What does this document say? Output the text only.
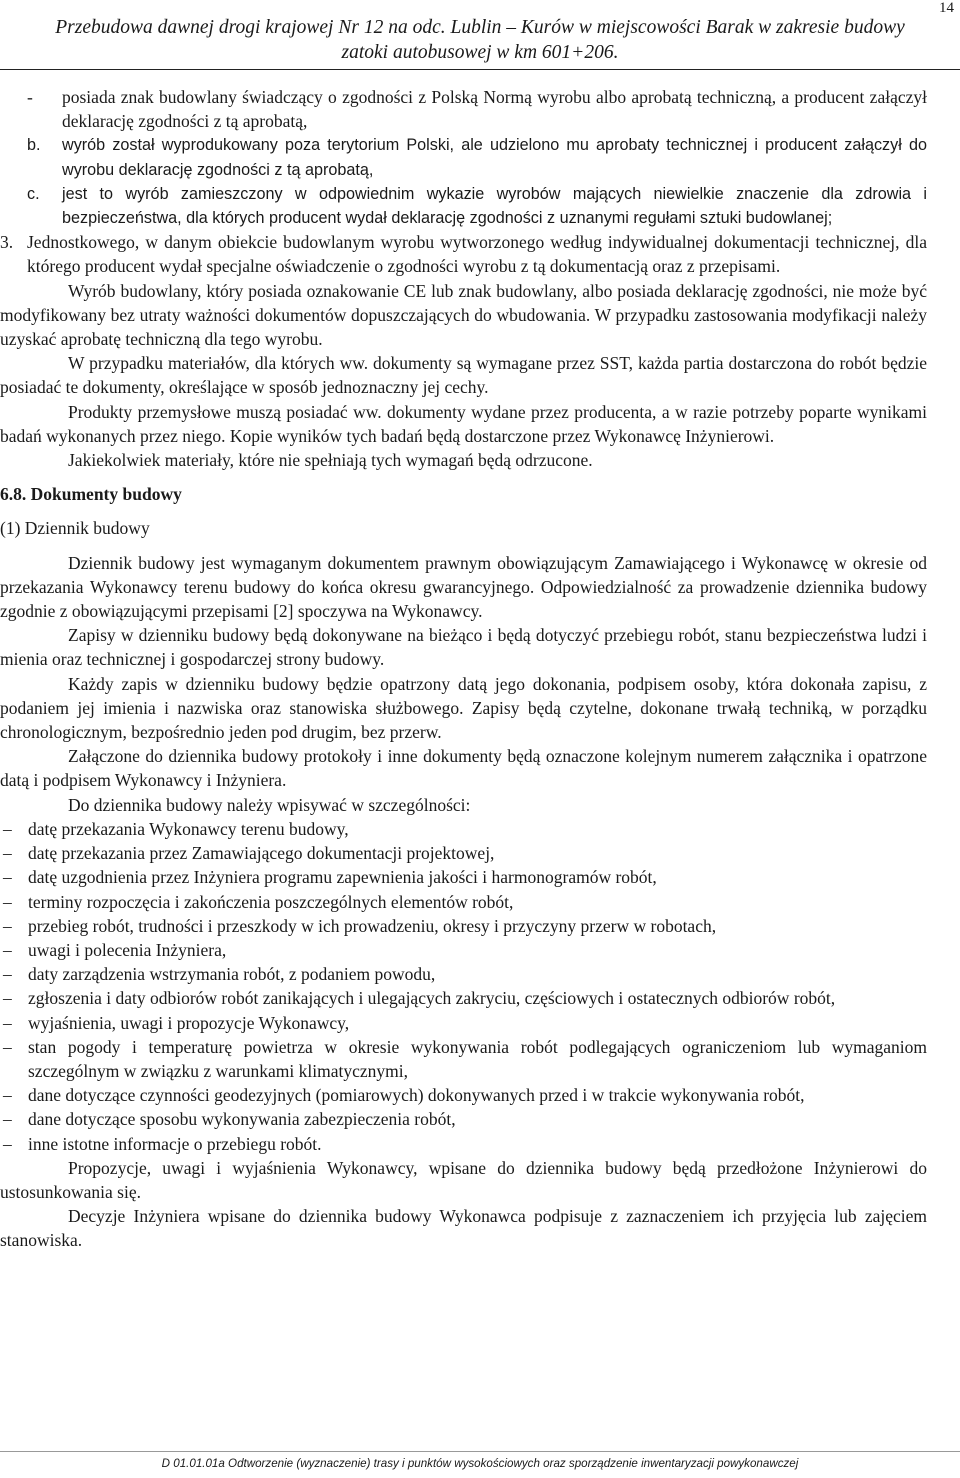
14
Przebudowa dawnej drogi krajowej Nr 12 na odc. Lublin – Kurów w miejscowości Barak w zakresie budowy
zatoki autobusowej w km 601+206.
-	posiada znak budowlany świadczący o zgodności z Polską Normą wyrobu albo aprobatą techniczną, a producent załączył deklarację zgodności z tą aprobatą,
b.	wyrób został wyprodukowany poza terytorium Polski, ale udzielono mu aprobaty technicznej i producent załączył do wyrobu deklarację zgodności z tą aprobatą,
c.	jest to wyrób zamieszczony w odpowiednim wykazie wyrobów mających niewielkie znaczenie dla zdrowia i bezpieczeństwa, dla których producent wydał deklarację zgodności z uznanymi regułami sztuki budowlanej;
3. Jednostkowego, w danym obiekcie budowlanym wyrobu wytworzonego według indywidualnej dokumentacji technicznej, dla którego producent wydał specjalne oświadczenie o zgodności wyrobu z tą dokumentacją oraz z przepisami.

Wyrób budowlany, który posiada oznakowanie CE lub znak budowlany, albo posiada deklarację zgodności, nie może być modyfikowany bez utraty ważności dokumentów dopuszczających do wbudowania. W przypadku zastosowania modyfikacji należy uzyskać aprobatę techniczną dla tego wyrobu.

W przypadku materiałów, dla których ww. dokumenty są wymagane przez SST, każda partia dostarczona do robót będzie posiadać te dokumenty, określające w sposób jednoznaczny jej cechy.

Produkty przemysłowe muszą posiadać ww. dokumenty wydane przez producenta, a w razie potrzeby poparte wynikami badań wykonanych przez niego. Kopie wyników tych badań będą dostarczone przez Wykonawcę Inżynierowi.

Jakiekolwiek materiały, które nie spełniają tych wymagań będą odrzucone.

6.8. Dokumenty budowy

(1) Dziennik budowy

Dziennik budowy jest wymaganym dokumentem prawnym obowiązującym Zamawiającego i Wykonawcę w okresie od przekazania Wykonawcy terenu budowy do końca okresu gwarancyjnego. Odpowiedzialność za prowadzenie dziennika budowy zgodnie z obowiązującymi przepisami [2] spoczywa na Wykonawcy.

Zapisy w dzienniku budowy będą dokonywane na bieżąco i będą dotyczyć przebiegu robót, stanu bezpieczeństwa ludzi i mienia oraz technicznej i gospodarczej strony budowy.

Każdy zapis w dzienniku budowy będzie opatrzony datą jego dokonania, podpisem osoby, która dokonała zapisu, z podaniem jej imienia i nazwiska oraz stanowiska służbowego. Zapisy będą czytelne, dokonane trwałą techniką, w porządku chronologicznym, bezpośrednio jeden pod drugim, bez przerw.

Załączone do dziennika budowy protokoły i inne dokumenty będą oznaczone kolejnym numerem załącznika i opatrzone datą i podpisem Wykonawcy i Inżyniera.

Do dziennika budowy należy wpisywać w szczególności:

– datę przekazania Wykonawcy terenu budowy,
– datę przekazania przez Zamawiającego dokumentacji projektowej,
– datę uzgodnienia przez Inżyniera programu zapewnienia jakości i harmonogramów robót,
– terminy rozpoczęcia i zakończenia poszczególnych elementów robót,
– przebieg robót, trudności i przeszkody w ich prowadzeniu, okresy i przyczyny przerw w robotach,
– uwagi i polecenia Inżyniera,
– daty zarządzenia wstrzymania robót, z podaniem powodu,
– zgłoszenia i daty odbiorów robót zanikających i ulegających zakryciu, częściowych i ostatecznych odbiorów robót,
– wyjaśnienia, uwagi i propozycje Wykonawcy,
– stan pogody i temperaturę powietrza w okresie wykonywania robót podlegających ograniczeniom lub wymaganiom szczególnym w związku z warunkami klimatycznymi,
– dane dotyczące czynności geodezyjnych (pomiarowych) dokonywanych przed i w trakcie wykonywania robót,
– dane dotyczące sposobu wykonywania zabezpieczenia robót,
– inne istotne informacje o przebiegu robót.

Propozycje, uwagi i wyjaśnienia Wykonawcy, wpisane do dziennika budowy będą przedłożone Inżynierowi do ustosunkowania się.

Decyzje Inżyniera wpisane do dziennika budowy Wykonawca podpisuje z zaznaczeniem ich przyjęcia lub zajęciem stanowiska.

D 01.01.01a Odtworzenie (wyznaczenie) trasy i punktów wysokościowych oraz sporządzenie inwentaryzacji powykonawczej
